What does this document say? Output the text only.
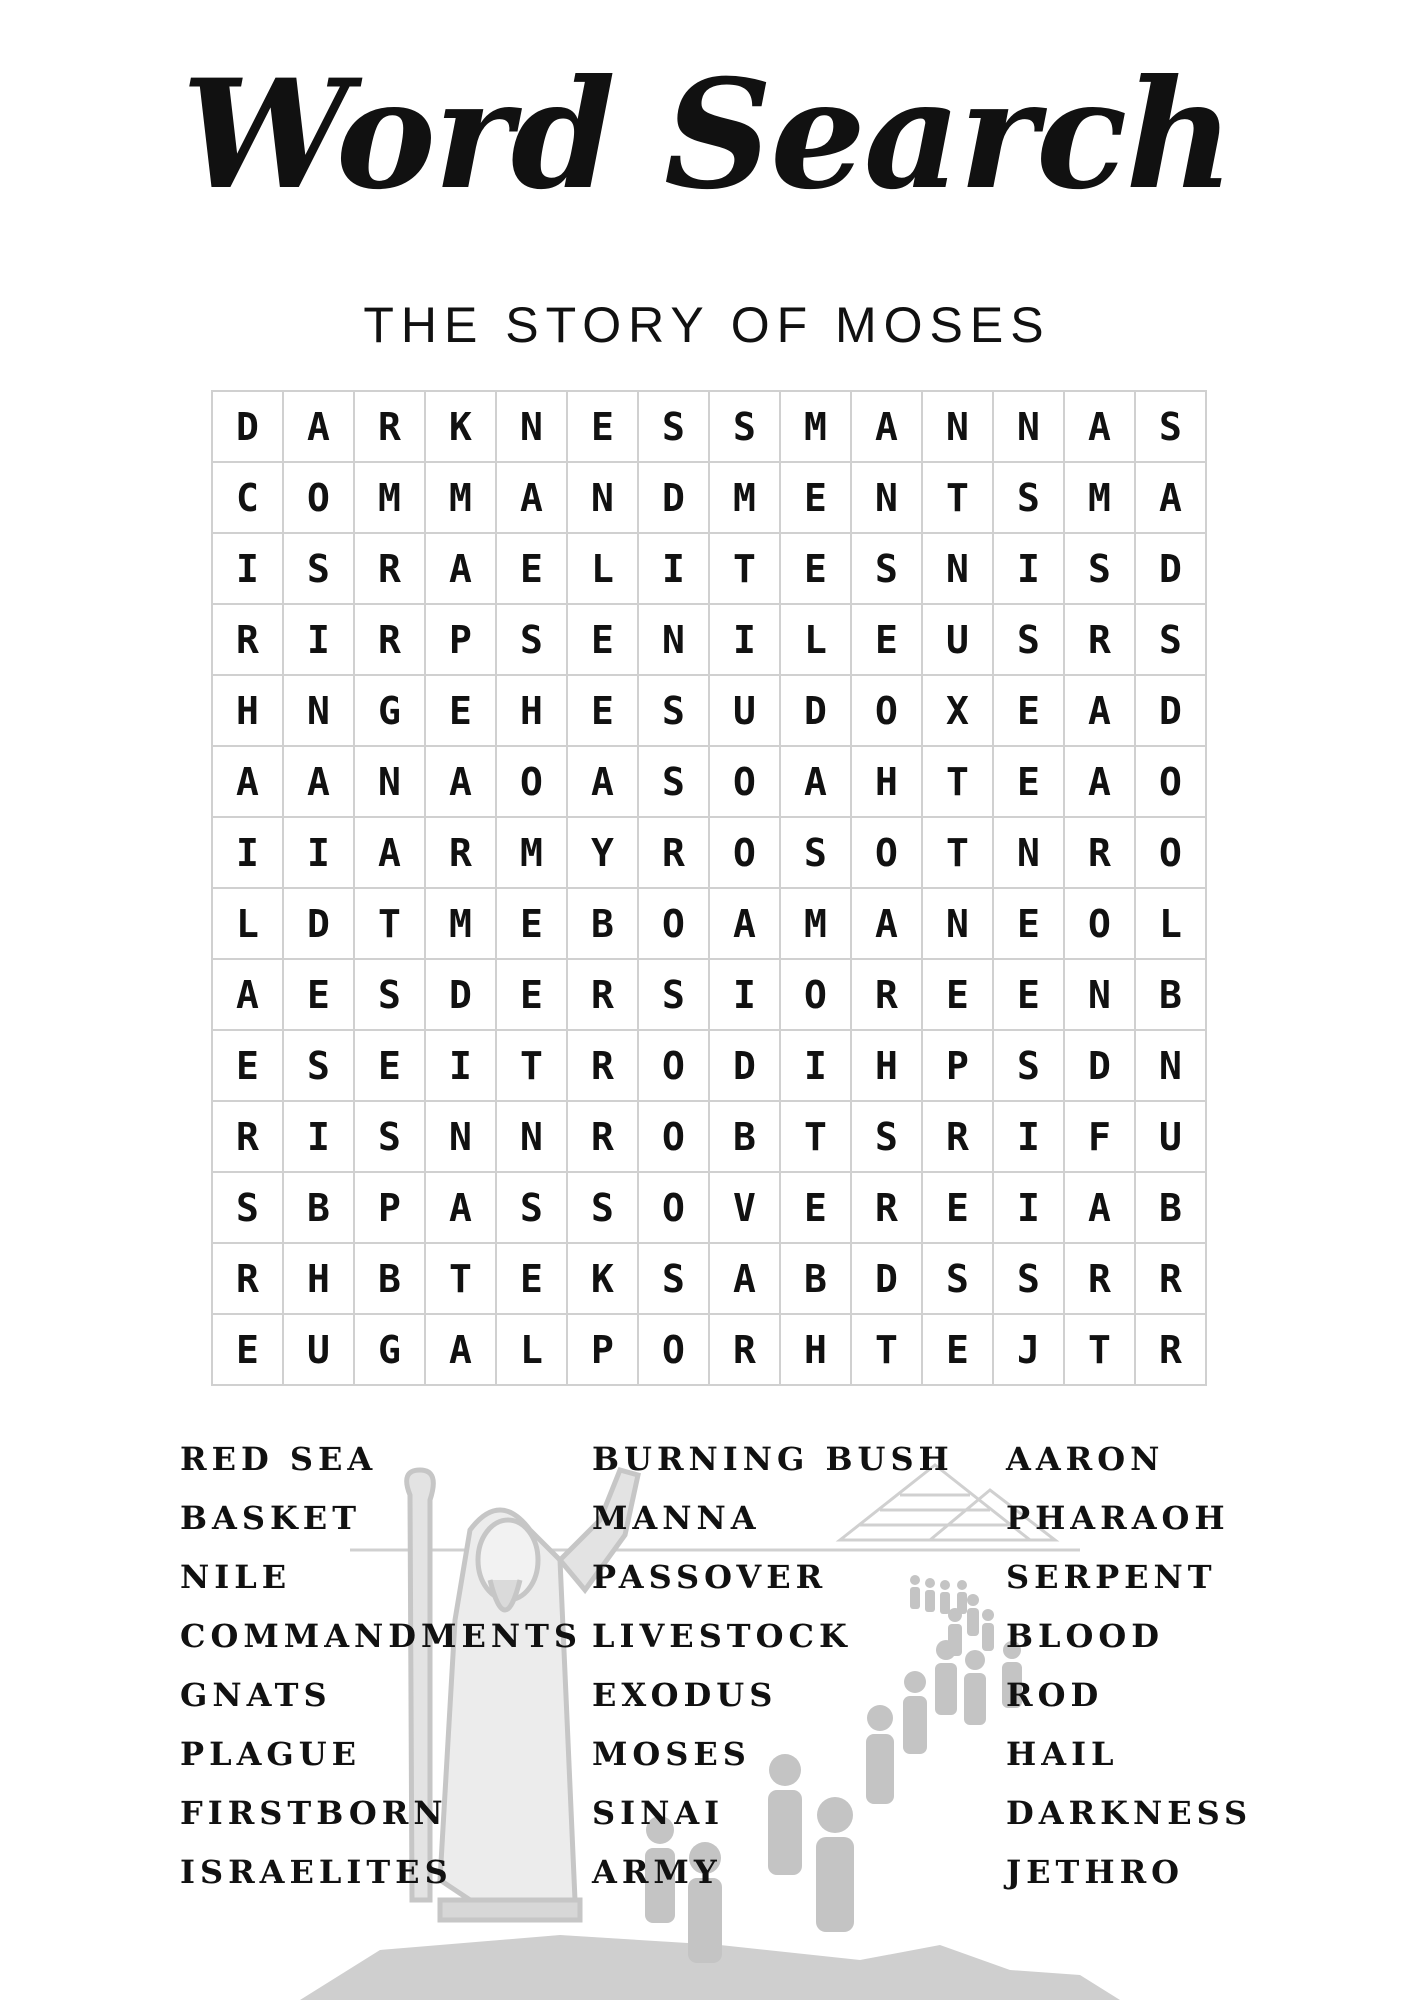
Word Search
THE STORY OF MOSES
D	A	R	K	N	E	S	S	M	A	N	N	A	S
C	O	M	M	A	N	D	M	E	N	T	S	M	A
I	S	R	A	E	L	I	T	E	S	N	I	S	D
R	I	R	P	S	E	N	I	L	E	U	S	R	S
H	N	G	E	H	E	S	U	D	O	X	E	A	D
A	A	N	A	O	A	S	O	A	H	T	E	A	O
I	I	A	R	M	Y	R	O	S	O	T	N	R	O
L	D	T	M	E	B	O	A	M	A	N	E	O	L
A	E	S	D	E	R	S	I	O	R	E	E	N	B
E	S	E	I	T	R	O	D	I	H	P	S	D	N
R	I	S	N	N	R	O	B	T	S	R	I	F	U
S	B	P	A	S	S	O	V	E	R	E	I	A	B
R	H	B	T	E	K	S	A	B	D	S	S	R	R
E	U	G	A	L	P	O	R	H	T	E	J	T	R
RED SEA
BASKET
NILE
COMMANDMENTS
GNATS
PLAGUE
FIRSTBORN
ISRAELITES
BURNING BUSH
MANNA
PASSOVER
LIVESTOCK
EXODUS
MOSES
SINAI
ARMY
AARON
PHARAOH
SERPENT
BLOOD
ROD
HAIL
DARKNESS
JETHRO
